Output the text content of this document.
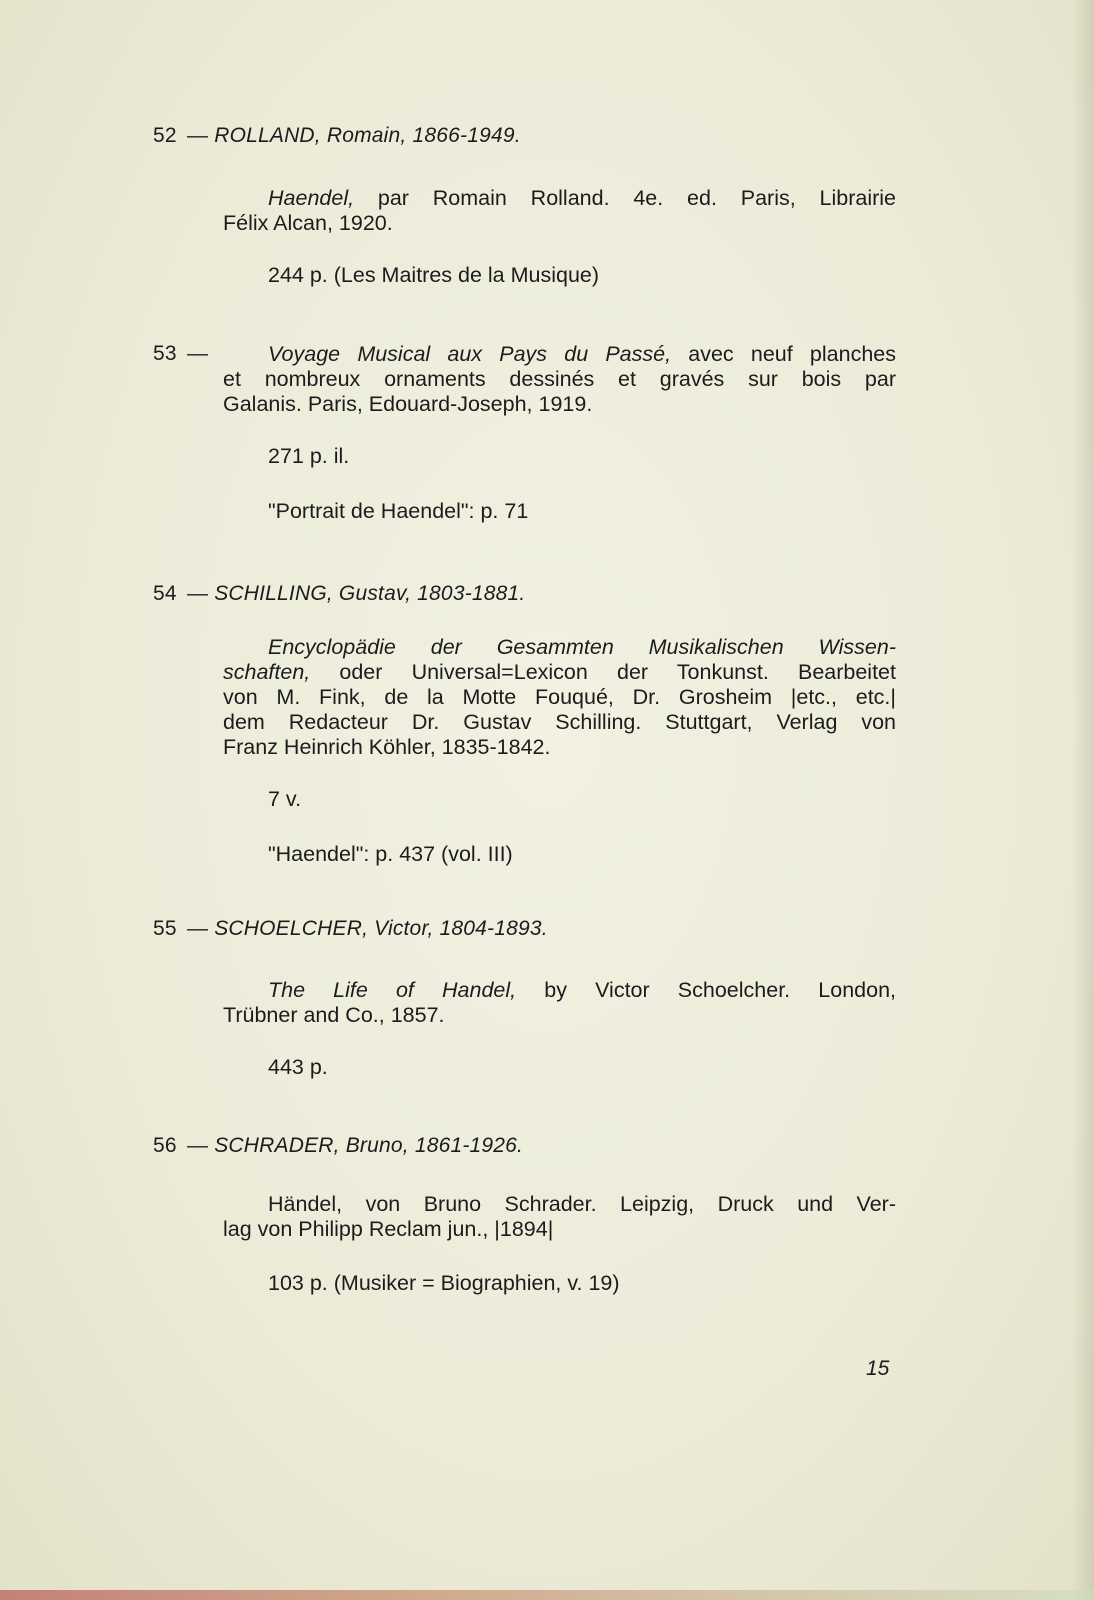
52 — ROLLAND, Romain, 1866-1949.
Haendel, par Romain Rolland. 4e. ed. Paris, Librairie
Félix Alcan, 1920.
244 p. (Les Maitres de la Musique)
53 —	Voyage Musical aux Pays du Passé, avec neuf planches
et nombreux ornaments dessinés et gravés sur bois par
Galanis. Paris, Edouard-Joseph, 1919.
271 p. il.
"Portrait de Haendel": p. 71
54 — SCHILLING, Gustav, 1803-1881.
Encyclopädie der Gesammten Musikalischen Wissen-
schaften, oder Universal=Lexicon der Tonkunst. Bearbeitet
von M. Fink, de la Motte Fouqué, Dr. Grosheim |etc., etc.|
dem Redacteur Dr. Gustav Schilling. Stuttgart, Verlag von
Franz Heinrich Köhler, 1835-1842.
7 v.
"Haendel": p. 437 (vol. III)
55 — SCHOELCHER, Victor, 1804-1893.
The Life of Handel, by Victor Schoelcher. London,
Trübner and Co., 1857.
443 p.
56 — SCHRADER, Bruno, 1861-1926.
Händel, von Bruno Schrader. Leipzig, Druck und Ver-
lag von Philipp Reclam jun., |1894|
103 p. (Musiker = Biographien, v. 19)
15
